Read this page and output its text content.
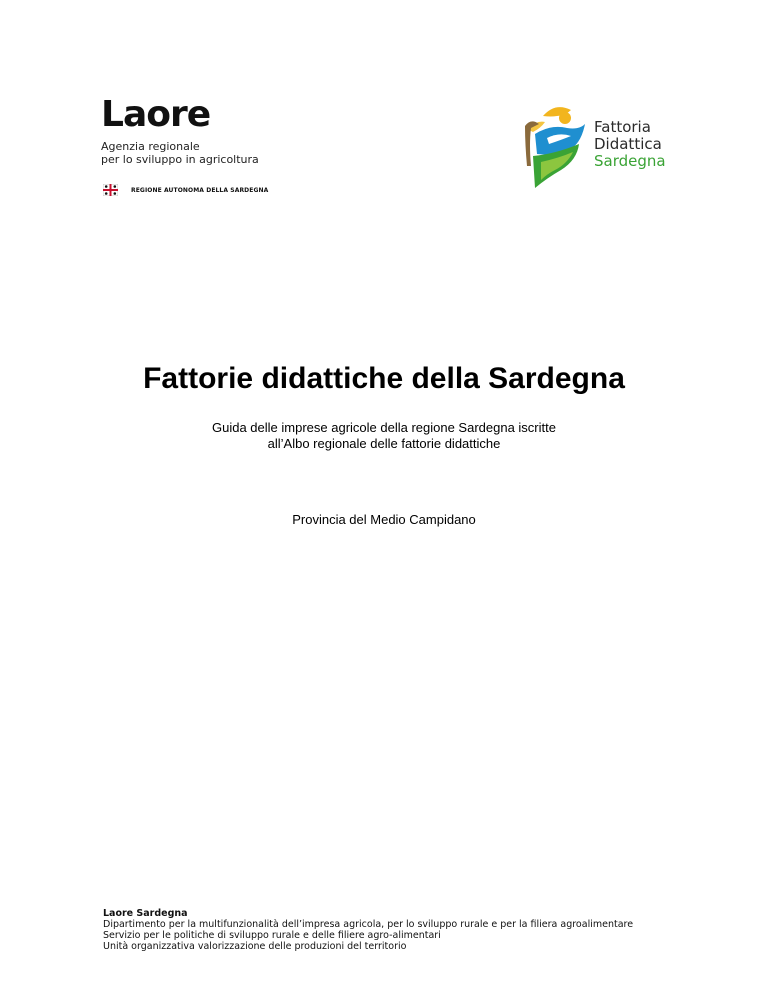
Laore
Agenzia regionale
per lo sviluppo in agricoltura
REGIONE AUTONOMA DELLA SARDEGNA
Fattoria
Didattica
Sardegna
Fattorie didattiche della Sardegna
Guida delle imprese agricole della regione Sardegna iscritte
all’Albo regionale delle fattorie didattiche
Provincia del Medio Campidano
Laore Sardegna
Dipartimento per la multifunzionalità dell’impresa agricola, per lo sviluppo rurale e per la filiera agroalimentare
Servizio per le politiche di sviluppo rurale e delle filiere agro-alimentari
Unità organizzativa valorizzazione delle produzioni del territorio
